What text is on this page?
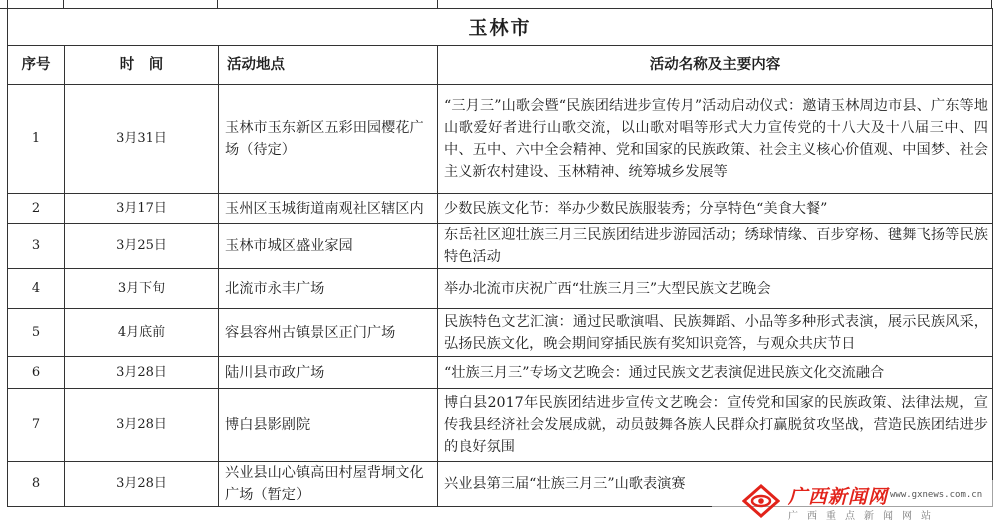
玉林市
序号	时　间	活动地点	活动名称及主要内容
1	3月31日	玉林市玉东新区五彩田园樱花广场（待定）	“三月三”山歌会暨“民族团结进步宣传月”活动启动仪式：邀请玉林周边市县、广东等地山歌爱好者进行山歌交流，以山歌对唱等形式大力宣传党的十八大及十八届三中、四中、五中、六中全会精神、党和国家的民族政策、社会主义核心价值观、中国梦、社会主义新农村建设、玉林精神、统筹城乡发展等
2	3月17日	玉州区玉城街道南观社区辖区内	少数民族文化节：举办少数民族服装秀；分享特色“美食大餐”
3	3月25日	玉林市城区盛业家园	东岳社区迎壮族三月三民族团结进步游园活动；绣球情缘、百步穿杨、毽舞飞扬等民族特色活动
4	3月下旬	北流市永丰广场	举办北流市庆祝广西“壮族三月三”大型民族文艺晚会
5	4月底前	容县容州古镇景区正门广场	民族特色文艺汇演：通过民歌演唱、民族舞蹈、小品等多种形式表演，展示民族风采，弘扬民族文化，晚会期间穿插民族有奖知识竞答，与观众共庆节日
6	3月28日	陆川县市政广场	“壮族三月三”专场文艺晚会：通过民族文艺表演促进民族文化交流融合
7	3月28日	博白县影剧院	博白县2017年民族团结进步宣传文艺晚会：宣传党和国家的民族政策、法律法规，宣传我县经济社会发展成就，动员鼓舞各族人民群众打赢脱贫攻坚战，营造民族团结进步的良好氛围
8	3月28日	兴业县山心镇高田村屋背垌文化广场（暂定）	兴业县第三届“壮族三月三”山歌表演赛
广西新闻网 www.gxnews.com.cn
广西重点新闻网站
